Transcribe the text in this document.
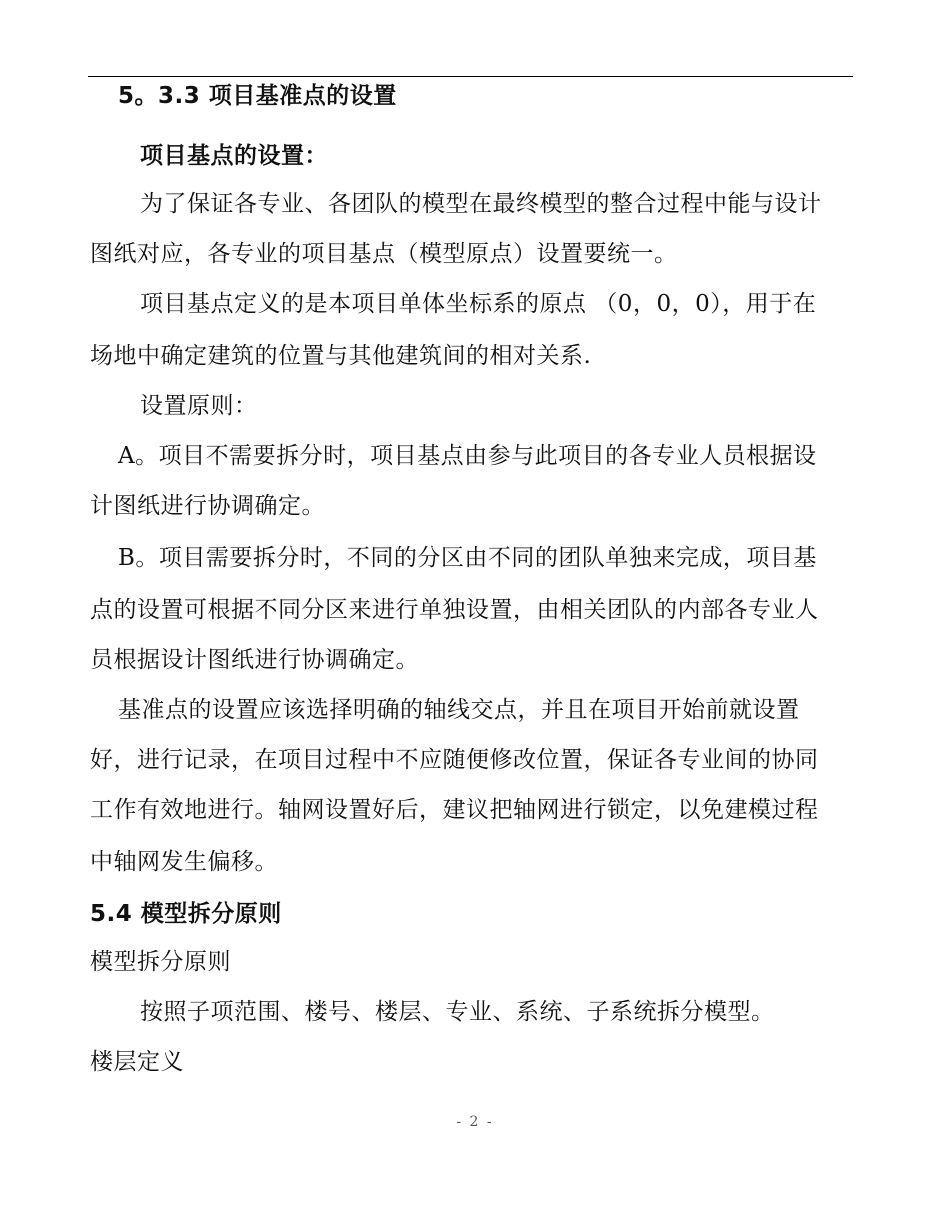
5。3.3 项目基准点的设置
项目基点的设置：
为了保证各专业、各团队的模型在最终模型的整合过程中能与设计
图纸对应，各专业的项目基点（模型原点）设置要统一。
项目基点定义的是本项目单体坐标系的原点 （0，0，0），用于在
场地中确定建筑的位置与其他建筑间的相对关系.
设置原则：
A。项目不需要拆分时，项目基点由参与此项目的各专业人员根据设
计图纸进行协调确定。
B。项目需要拆分时，不同的分区由不同的团队单独来完成，项目基
点的设置可根据不同分区来进行单独设置，由相关团队的内部各专业人
员根据设计图纸进行协调确定。
基准点的设置应该选择明确的轴线交点，并且在项目开始前就设置
好，进行记录，在项目过程中不应随便修改位置，保证各专业间的协同
工作有效地进行。轴网设置好后，建议把轴网进行锁定，以免建模过程
中轴网发生偏移。
5.4 模型拆分原则
模型拆分原则
按照子项范围、楼号、楼层、专业、系统、子系统拆分模型。
楼层定义
- 2 -
